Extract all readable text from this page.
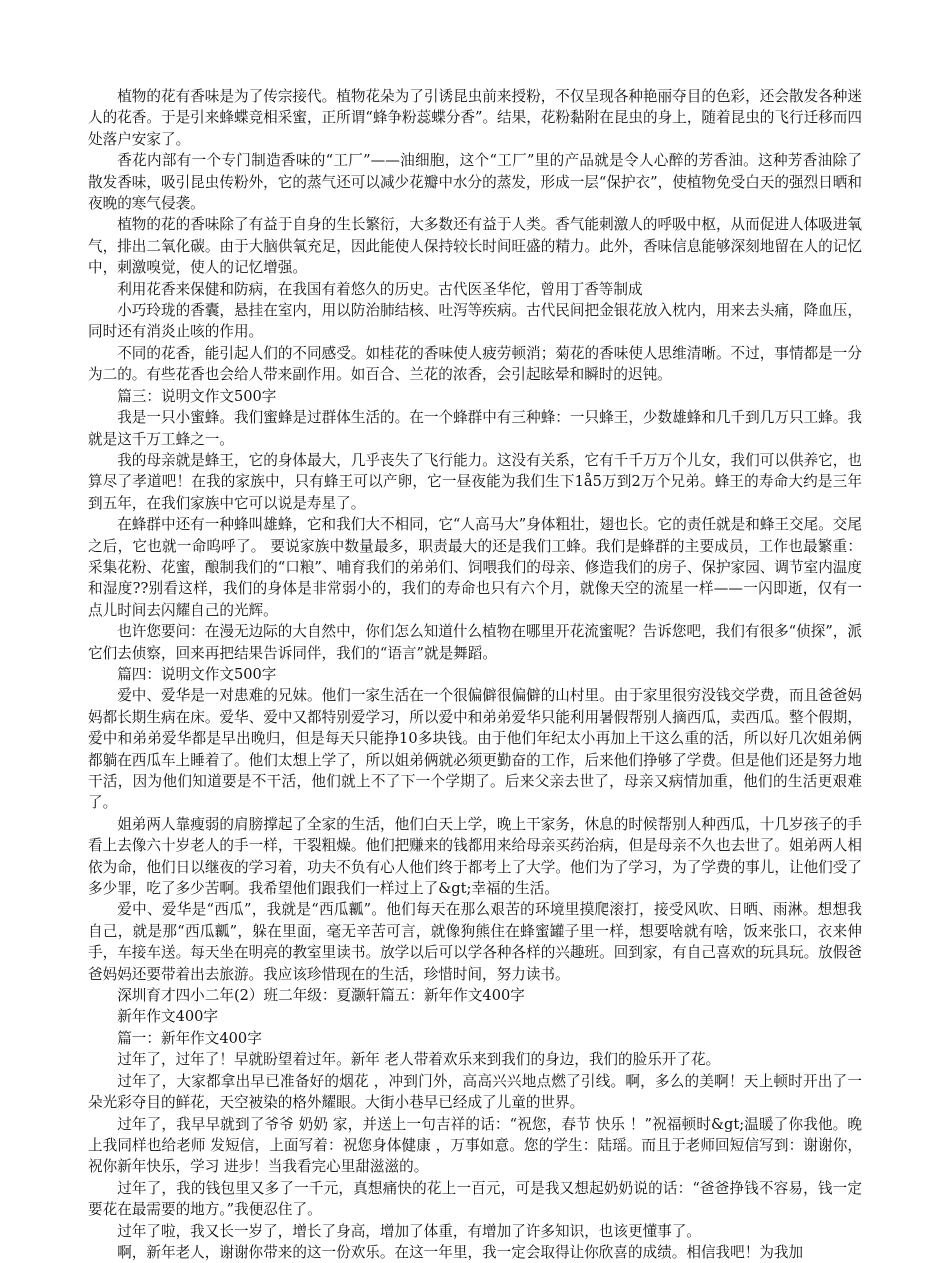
植物的花有香味是为了传宗接代。植物花朵为了引诱昆虫前来授粉，不仅呈现各种艳丽夺目的色彩，还会散发各种迷人的花香。于是引来蜂蝶竞相采蜜，正所谓“蜂争粉蕊蝶分香”。结果，花粉黏附在昆虫的身上，随着昆虫的飞行迁移而四处落户安家了。

香花内部有一个专门制造香味的“工厂”——油细胞，这个“工厂”里的产品就是令人心醉的芳香油。这种芳香油除了散发香味，吸引昆虫传粉外，它的蒸气还可以减少花瓣中水分的蒸发，形成一层“保护衣”，使植物免受白天的强烈日晒和夜晚的寒气侵袭。

植物的花的香味除了有益于自身的生长繁衍，大多数还有益于人类。香气能刺激人的呼吸中枢，从而促进人体吸进氧气，排出二氧化碳。由于大脑供氧充足，因此能使人保持较长时间旺盛的精力。此外，香味信息能够深刻地留在人的记忆中，刺激嗅觉，使人的记忆增强。

利用花香来保健和防病，在我国有着悠久的历史。古代医圣华佗，曾用丁香等制成

小巧玲珑的香囊，悬挂在室内，用以防治肺结核、吐泻等疾病。古代民间把金银花放入枕内，用来去头痛，降血压，同时还有消炎止咳的作用。

不同的花香，能引起人们的不同感受。如桂花的香味使人疲劳顿消；菊花的香味使人思维清晰。不过，事情都是一分为二的。有些花香也会给人带来副作用。如百合、兰花的浓香，会引起眩晕和瞬时的迟钝。

篇三：说明文作文500字

我是一只小蜜蜂。我们蜜蜂是过群体生活的。在一个蜂群中有三种蜂：一只蜂王，少数雄蜂和几千到几万只工蜂。我就是这千万工蜂之一。

我的母亲就是蜂王，它的身体最大，几乎丧失了飞行能力。这没有关系，它有千千万万个儿女，我们可以供养它，也算尽了孝道吧！在我的家族中，只有蜂王可以产卵，它一昼夜能为我们生下1å5万到2万个兄弟。蜂王的寿命大约是三年到五年，在我们家族中它可以说是寿星了。

在蜂群中还有一种蜂叫雄蜂，它和我们大不相同，它“人高马大”身体粗壮，翅也长。它的责任就是和蜂王交尾。交尾之后，它也就一命呜呼了。 要说家族中数量最多，职责最大的还是我们工蜂。我们是蜂群的主要成员，工作也最繁重：采集花粉、花蜜，酿制我们的“口粮”、哺育我们的弟弟们、饲喂我们的母亲、修造我们的房子、保护家园、调节室内温度和湿度??别看这样，我们的身体是非常弱小的，我们的寿命也只有六个月，就像天空的流星一样——一闪即逝，仅有一点儿时间去闪耀自己的光辉。

也许您要问：在漫无边际的大自然中，你们怎么知道什么植物在哪里开花流蜜呢？告诉您吧，我们有很多“侦探”，派它们去侦察，回来再把结果告诉同伴，我们的“语言”就是舞蹈。

篇四：说明文作文500字

爱中、爱华是一对患难的兄妹。他们一家生活在一个很偏僻很偏僻的山村里。由于家里很穷没钱交学费，而且爸爸妈妈都长期生病在床。爱华、爱中又都特别爱学习，所以爱中和弟弟爱华只能利用暑假帮别人摘西瓜，卖西瓜。整个假期，爱中和弟弟爱华都是早出晚归，但是每天只能挣10多块钱。由于他们年纪太小再加上干这么重的活，所以好几次姐弟俩都躺在西瓜车上睡着了。他们太想上学了，所以姐弟俩就必须更勤奋的工作，后来他们挣够了学费。但是他们还是努力地干活，因为他们知道要是不干活，他们就上不了下一个学期了。后来父亲去世了，母亲又病情加重，他们的生活更艰难了。

姐弟两人靠瘦弱的肩膀撑起了全家的生活，他们白天上学，晚上干家务，休息的时候帮别人种西瓜，十几岁孩子的手看上去像六十岁老人的手一样，干裂粗燥。他们把赚来的钱都用来给母亲买药治病，但是母亲不久也去世了。姐弟两人相依为命，他们日以继夜的学习着，功夫不负有心人他们终于都考上了大学。他们为了学习，为了学费的事儿，让他们受了多少罪，吃了多少苦啊。我希望他们跟我们一样过上了&gt;幸福的生活。

爱中、爱华是“西瓜”，我就是“西瓜瓤”。他们每天在那么艰苦的环境里摸爬滚打，接受风吹、日晒、雨淋。想想我自己，就是那“西瓜瓤”，躲在里面，毫无辛苦可言，就像狗熊住在蜂蜜罐子里一样，想要啥就有啥，饭来张口，衣来伸手，车接车送。每天坐在明亮的教室里读书。放学以后可以学各种各样的兴趣班。回到家，有自己喜欢的玩具玩。放假爸爸妈妈还要带着出去旅游。我应该珍惜现在的生活，珍惜时间，努力读书。

深圳育才四小二年(2）班二年级：夏灏轩篇五：新年作文400字

新年作文400字

篇一：新年作文400字

过年了，过年了！早就盼望着过年。新年 老人带着欢乐来到我们的身边，我们的脸乐开了花。

过年了，大家都拿出早已准备好的烟花 ，冲到门外，高高兴兴地点燃了引线。啊，多么的美啊！天上顿时开出了一朵光彩夺目的鲜花，天空被染的格外耀眼。大街小巷早已经成了儿童的世界。

过年了，我早早就到了爷爷 奶奶 家，并送上一句吉祥的话：“祝您，春节 快乐 ！”祝福顿时&gt;温暖了你我他。晚上我同样也给老师 发短信，上面写着：祝您身体健康 ，万事如意。您的学生：陆瑶。而且于老师回短信写到：谢谢你，祝你新年快乐，学习 进步！当我看完心里甜滋滋的。

过年了，我的钱包里又多了一千元，真想痛快的花上一百元，可是我又想起奶奶说的话：“爸爸挣钱不容易，钱一定要花在最需要的地方。”我便忍住了。

过年了啦，我又长一岁了，增长了身高，增加了体重，有增加了许多知识，也该更懂事了。

啊，新年老人，谢谢你带来的这一份欢乐。在这一年里，我一定会取得让你欣喜的成绩。相信我吧！为我加
